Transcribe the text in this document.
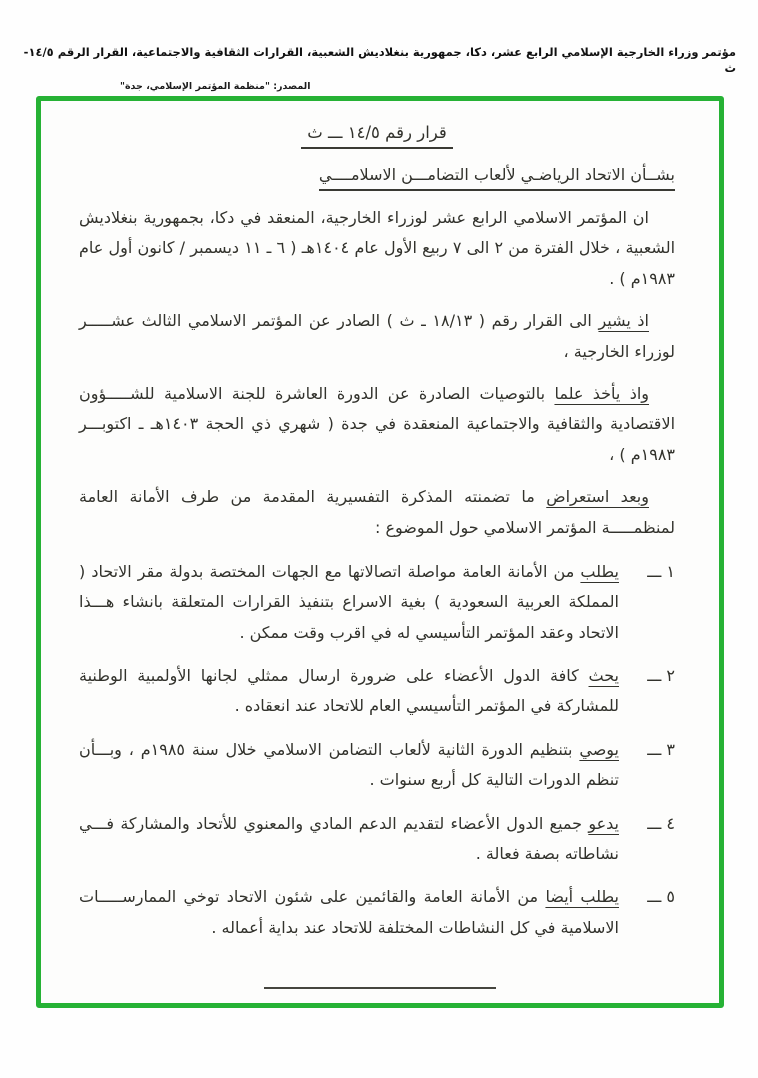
مؤتمر وزراء الخارجية الإسلامي الرابع عشر، دكا، جمهورية بنغلاديش الشعبية، القرارات الثقافية والاجتماعية، القرار الرقم ١٤/٥- ث
المصدر: "منظمة المؤتمر الإسلامي، جدة"
قرار رقم ١٤/٥ ـــ ث
بشــأن الاتحاد الرياضـي لألعاب التضامـــن الاسلامــــي

ان المؤتمر الاسلامي الرابع عشر لوزراء الخارجية، المنعقد في دكا، بجمهورية بنغلاديش الشعبية ، خلال الفترة من ٢ الى ٧ ربيع الأول عام ١٤٠٤هـ ( ٦ ـ ١١ ديسمبر / كانون أول عام ١٩٨٣م ) .

اذ يشير الى القرار رقم ( ١٨/١٣ ـ ث ) الصادر عن المؤتمر الاسلامي الثالث عشـــــر لوزراء الخارجية ،

واذ يأخذ علما بالتوصيات الصادرة عن الدورة العاشرة للجنة الاسلامية للشـــــؤون الاقتصادية والثقافية والاجتماعية المنعقدة في جدة ( شهري ذي الحجة ١٤٠٣هـ ـ اكتوبـــر ١٩٨٣م ) ،

وبعد استعراض ما تضمنته المذكرة التفسيرية المقدمة من طرف الأمانة العامة لمنظمـــــة المؤتمر الاسلامي حول الموضوع :

١ ـــ

يطلب من الأمانة العامة مواصلة اتصالاتها مع الجهات المختصة بدولة مقر الاتحاد ( المملكة العربية السعودية ) بغية الاسراع بتنفيذ القرارات المتعلقة بانشاء هـــذا الاتحاد وعقد المؤتمر التأسيسي له في اقرب وقت ممكن .

٢ ـــ

يحث كافة الدول الأعضاء على ضرورة ارسال ممثلي لجانها الأولمبية الوطنية للمشاركة في المؤتمر التأسيسي العام للاتحاد عند انعقاده .

٣ ـــ

يوصي بتنظيم الدورة الثانية لألعاب التضامن الاسلامي خلال سنة ١٩٨٥م ، وبـــأن تنظم الدورات التالية كل أربع سنوات .

٤ ـــ

يدعو جميع الدول الأعضاء لتقديم الدعم المادي والمعنوي للأتحاد والمشاركة فـــي نشاطاته بصفة فعالة .

٥ ـــ

يطلب أيضا من الأمانة العامة والقائمين على شئون الاتحاد توخي الممارســـــات الاسلامية في كل النشاطات المختلفة للاتحاد عند بداية أعماله .
